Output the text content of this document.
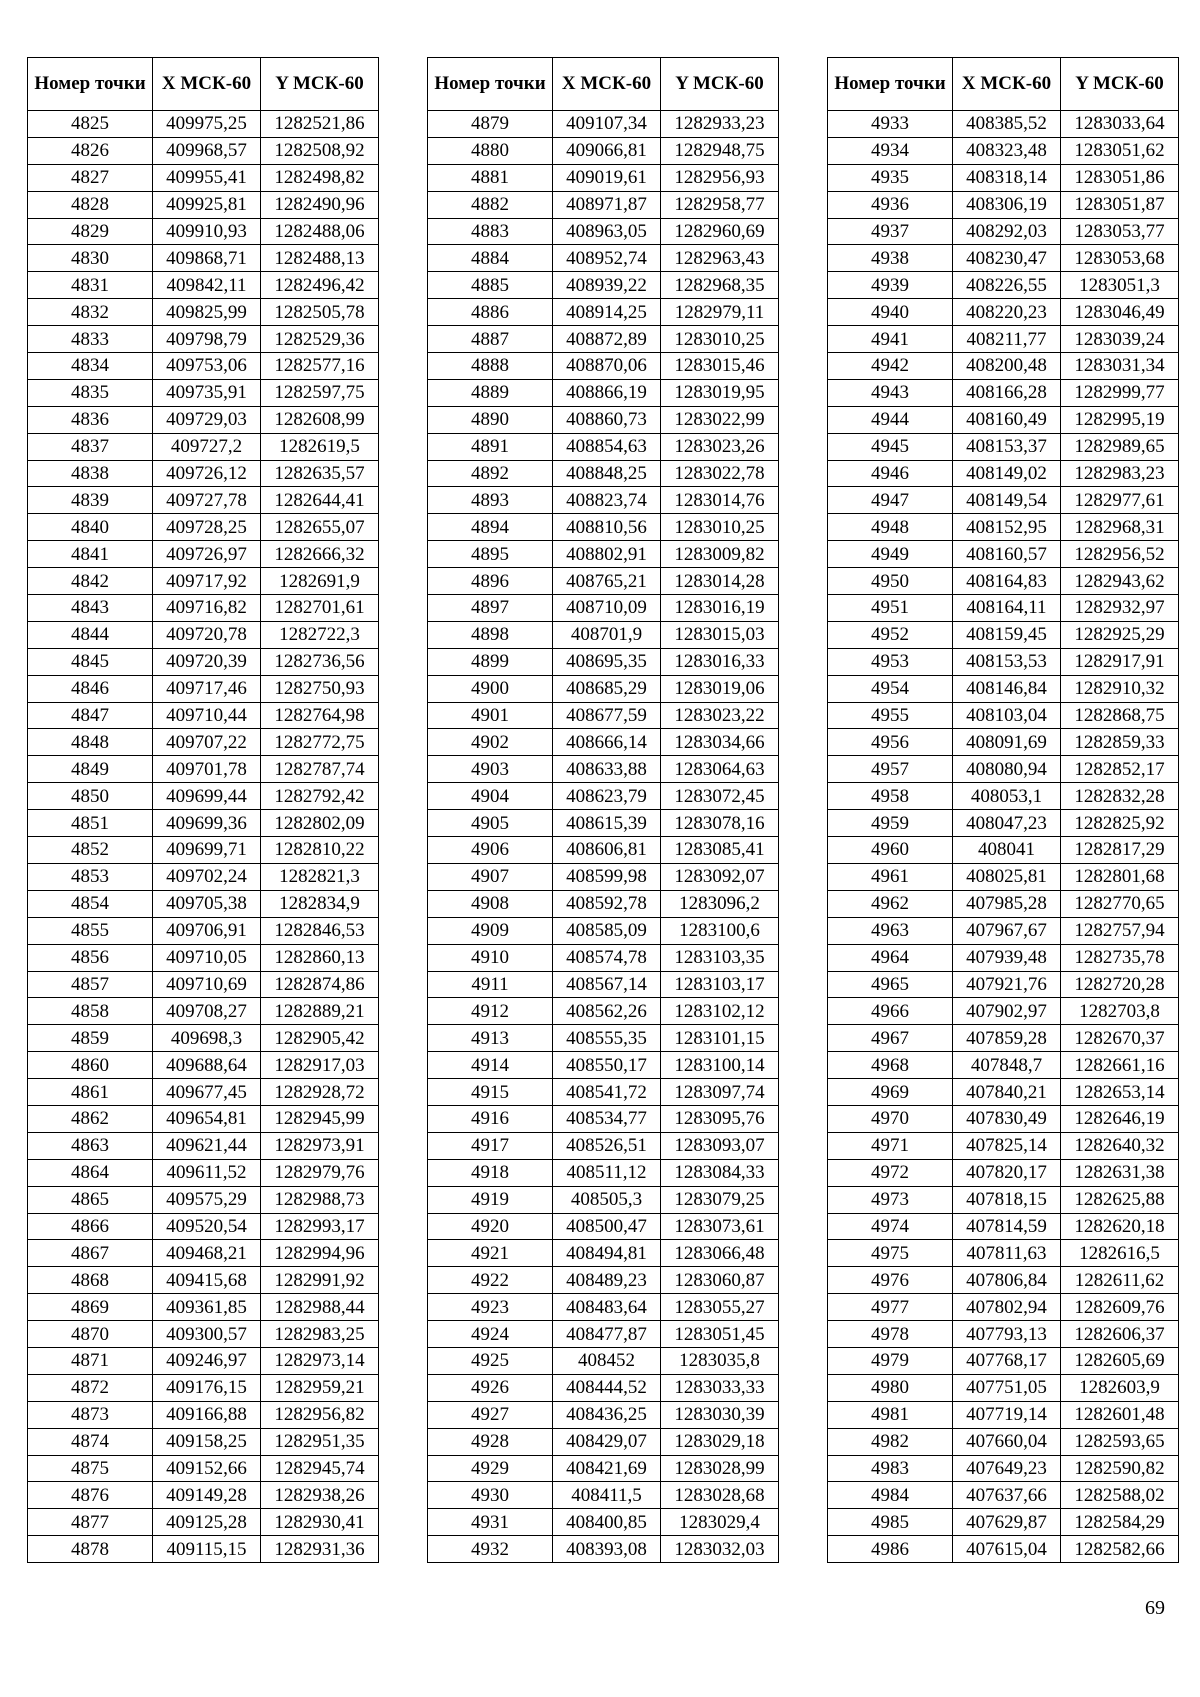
Номер точки	X МСК-60	Y МСК-60
4825	409975,25	1282521,86
4826	409968,57	1282508,92
4827	409955,41	1282498,82
4828	409925,81	1282490,96
4829	409910,93	1282488,06
4830	409868,71	1282488,13
4831	409842,11	1282496,42
4832	409825,99	1282505,78
4833	409798,79	1282529,36
4834	409753,06	1282577,16
4835	409735,91	1282597,75
4836	409729,03	1282608,99
4837	409727,2	1282619,5
4838	409726,12	1282635,57
4839	409727,78	1282644,41
4840	409728,25	1282655,07
4841	409726,97	1282666,32
4842	409717,92	1282691,9
4843	409716,82	1282701,61
4844	409720,78	1282722,3
4845	409720,39	1282736,56
4846	409717,46	1282750,93
4847	409710,44	1282764,98
4848	409707,22	1282772,75
4849	409701,78	1282787,74
4850	409699,44	1282792,42
4851	409699,36	1282802,09
4852	409699,71	1282810,22
4853	409702,24	1282821,3
4854	409705,38	1282834,9
4855	409706,91	1282846,53
4856	409710,05	1282860,13
4857	409710,69	1282874,86
4858	409708,27	1282889,21
4859	409698,3	1282905,42
4860	409688,64	1282917,03
4861	409677,45	1282928,72
4862	409654,81	1282945,99
4863	409621,44	1282973,91
4864	409611,52	1282979,76
4865	409575,29	1282988,73
4866	409520,54	1282993,17
4867	409468,21	1282994,96
4868	409415,68	1282991,92
4869	409361,85	1282988,44
4870	409300,57	1282983,25
4871	409246,97	1282973,14
4872	409176,15	1282959,21
4873	409166,88	1282956,82
4874	409158,25	1282951,35
4875	409152,66	1282945,74
4876	409149,28	1282938,26
4877	409125,28	1282930,41
4878	409115,15	1282931,36
Номер точки	X МСК-60	Y МСК-60
4879	409107,34	1282933,23
4880	409066,81	1282948,75
4881	409019,61	1282956,93
4882	408971,87	1282958,77
4883	408963,05	1282960,69
4884	408952,74	1282963,43
4885	408939,22	1282968,35
4886	408914,25	1282979,11
4887	408872,89	1283010,25
4888	408870,06	1283015,46
4889	408866,19	1283019,95
4890	408860,73	1283022,99
4891	408854,63	1283023,26
4892	408848,25	1283022,78
4893	408823,74	1283014,76
4894	408810,56	1283010,25
4895	408802,91	1283009,82
4896	408765,21	1283014,28
4897	408710,09	1283016,19
4898	408701,9	1283015,03
4899	408695,35	1283016,33
4900	408685,29	1283019,06
4901	408677,59	1283023,22
4902	408666,14	1283034,66
4903	408633,88	1283064,63
4904	408623,79	1283072,45
4905	408615,39	1283078,16
4906	408606,81	1283085,41
4907	408599,98	1283092,07
4908	408592,78	1283096,2
4909	408585,09	1283100,6
4910	408574,78	1283103,35
4911	408567,14	1283103,17
4912	408562,26	1283102,12
4913	408555,35	1283101,15
4914	408550,17	1283100,14
4915	408541,72	1283097,74
4916	408534,77	1283095,76
4917	408526,51	1283093,07
4918	408511,12	1283084,33
4919	408505,3	1283079,25
4920	408500,47	1283073,61
4921	408494,81	1283066,48
4922	408489,23	1283060,87
4923	408483,64	1283055,27
4924	408477,87	1283051,45
4925	408452	1283035,8
4926	408444,52	1283033,33
4927	408436,25	1283030,39
4928	408429,07	1283029,18
4929	408421,69	1283028,99
4930	408411,5	1283028,68
4931	408400,85	1283029,4
4932	408393,08	1283032,03
Номер точки	X МСК-60	Y МСК-60
4933	408385,52	1283033,64
4934	408323,48	1283051,62
4935	408318,14	1283051,86
4936	408306,19	1283051,87
4937	408292,03	1283053,77
4938	408230,47	1283053,68
4939	408226,55	1283051,3
4940	408220,23	1283046,49
4941	408211,77	1283039,24
4942	408200,48	1283031,34
4943	408166,28	1282999,77
4944	408160,49	1282995,19
4945	408153,37	1282989,65
4946	408149,02	1282983,23
4947	408149,54	1282977,61
4948	408152,95	1282968,31
4949	408160,57	1282956,52
4950	408164,83	1282943,62
4951	408164,11	1282932,97
4952	408159,45	1282925,29
4953	408153,53	1282917,91
4954	408146,84	1282910,32
4955	408103,04	1282868,75
4956	408091,69	1282859,33
4957	408080,94	1282852,17
4958	408053,1	1282832,28
4959	408047,23	1282825,92
4960	408041	1282817,29
4961	408025,81	1282801,68
4962	407985,28	1282770,65
4963	407967,67	1282757,94
4964	407939,48	1282735,78
4965	407921,76	1282720,28
4966	407902,97	1282703,8
4967	407859,28	1282670,37
4968	407848,7	1282661,16
4969	407840,21	1282653,14
4970	407830,49	1282646,19
4971	407825,14	1282640,32
4972	407820,17	1282631,38
4973	407818,15	1282625,88
4974	407814,59	1282620,18
4975	407811,63	1282616,5
4976	407806,84	1282611,62
4977	407802,94	1282609,76
4978	407793,13	1282606,37
4979	407768,17	1282605,69
4980	407751,05	1282603,9
4981	407719,14	1282601,48
4982	407660,04	1282593,65
4983	407649,23	1282590,82
4984	407637,66	1282588,02
4985	407629,87	1282584,29
4986	407615,04	1282582,66
69
